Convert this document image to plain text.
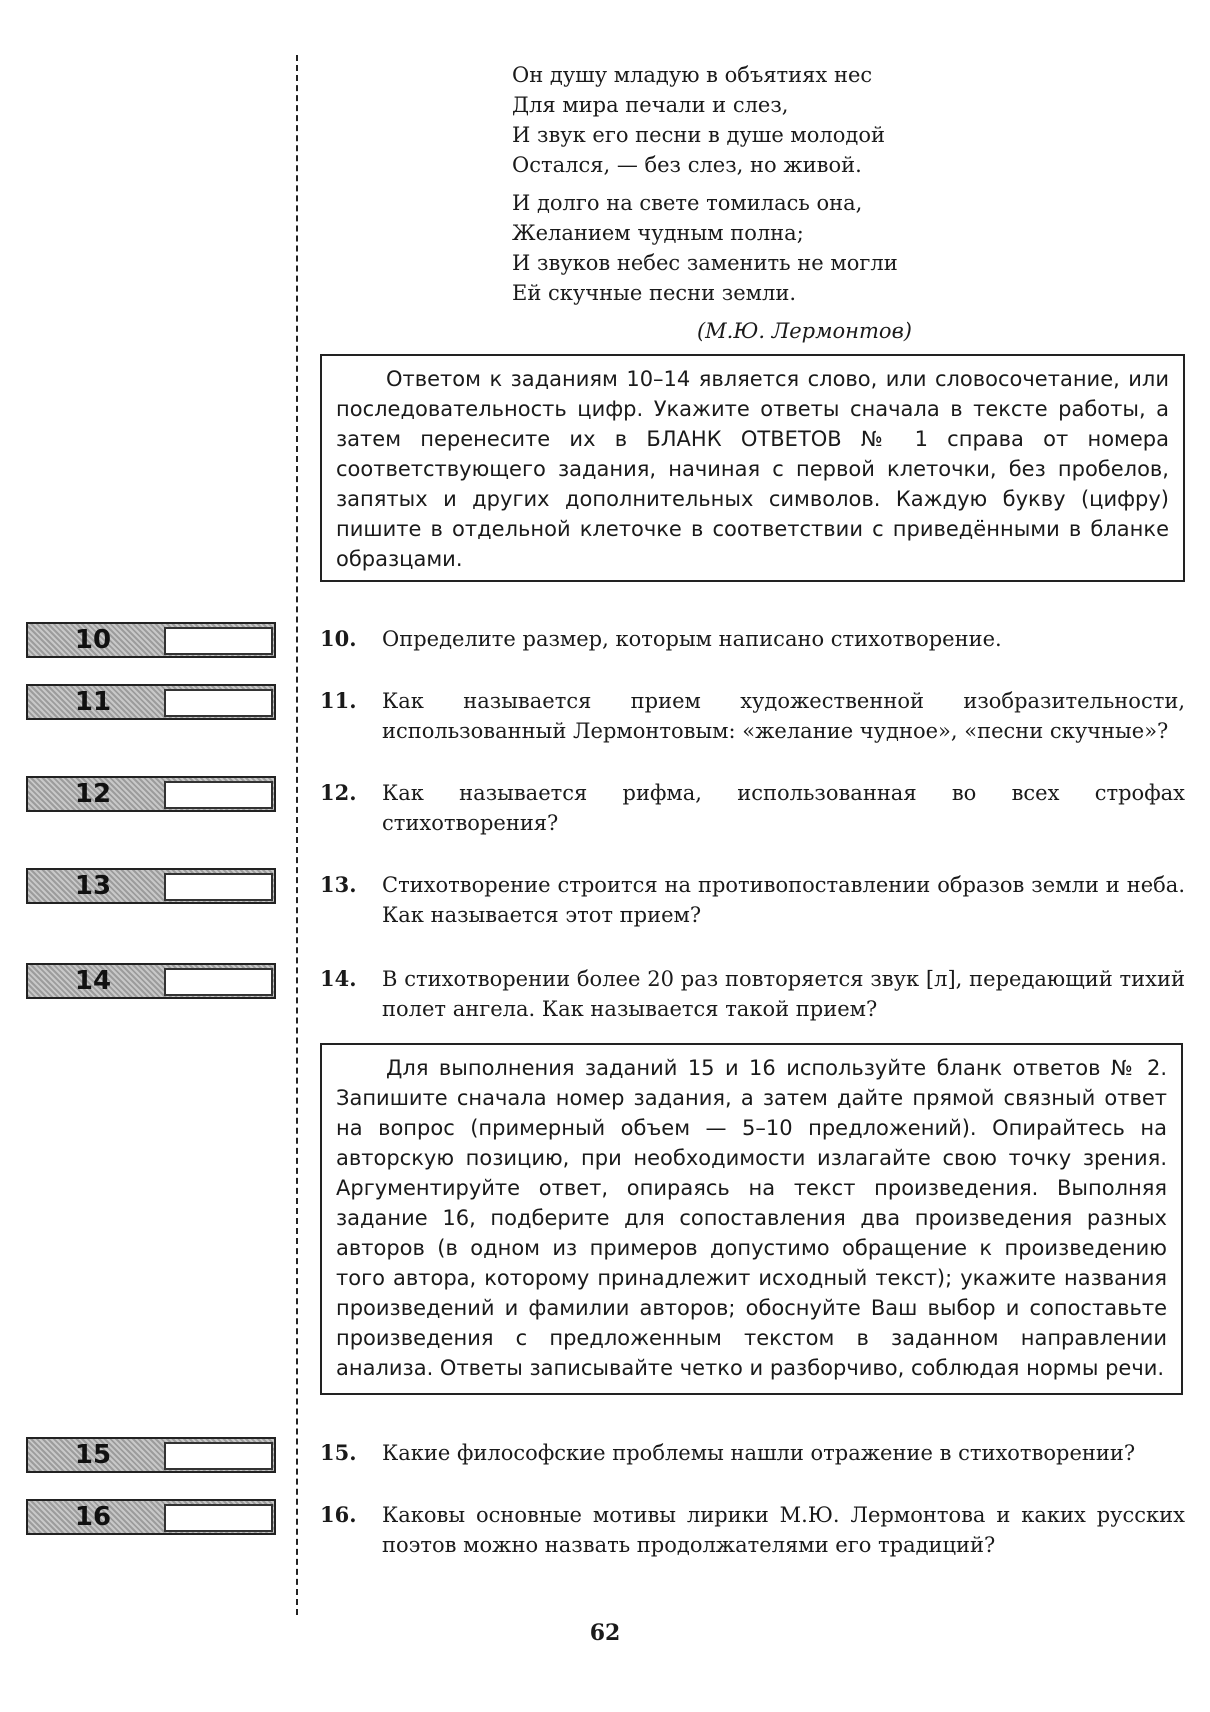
Он душу младую в объятиях нес
Для мира печали и слез,
И звук его песни в душе молодой
Остался, — без слез, но живой.
И долго на свете томилась она,
Желанием чудным полна;
И звуков небес заменить не могли
Ей скучные песни земли.
(М.Ю. Лермонтов)

Ответом к заданиям 10–14 является слово, или словосочетание, или последовательность цифр. Укажите ответы сначала в тексте работы, а затем перенесите их в БЛАНК ОТВЕТОВ № 1 справа от номера соответствующего задания, начиная с первой клеточки, без пробелов, запятых и других дополнительных символов. Каждую букву (цифру) пишите в отдельной клеточке в соответствии с приведёнными в бланке образцами.

10
11
12
13
14
15
16
10. Определите размер, которым написано стихотворение.
11. Как называется прием художественной изобразительности, использованный Лермонтовым: «желание чудное», «песни скучные»?
12. Как называется рифма, использованная во всех строфах стихотворения?
13. Стихотворение строится на противопоставлении образов земли и неба. Как называется этот прием?
14. В стихотворении более 20 раз повторяется звук [л], передающий тихий полет ангела. Как называется такой прием?

Для выполнения заданий 15 и 16 используйте бланк ответов № 2. Запишите сначала номер задания, а затем дайте прямой связный ответ на вопрос (примерный объем — 5–10 предложений). Опирайтесь на авторскую позицию, при необходимости излагайте свою точку зрения. Аргументируйте ответ, опираясь на текст произведения. Выполняя задание 16, подберите для сопоставления два произведения разных авторов (в одном из примеров допустимо обращение к произведению того автора, которому принадлежит исходный текст); укажите названия произведений и фамилии авторов; обоснуйте Ваш выбор и сопоставьте произведения с предложенным текстом в заданном направлении анализа. Ответы записывайте четко и разборчиво, соблюдая нормы речи.

15. Какие философские проблемы нашли отражение в стихотворении?
16. Каковы основные мотивы лирики М.Ю. Лермонтова и каких русских поэтов можно назвать продолжателями его традиций?
62
